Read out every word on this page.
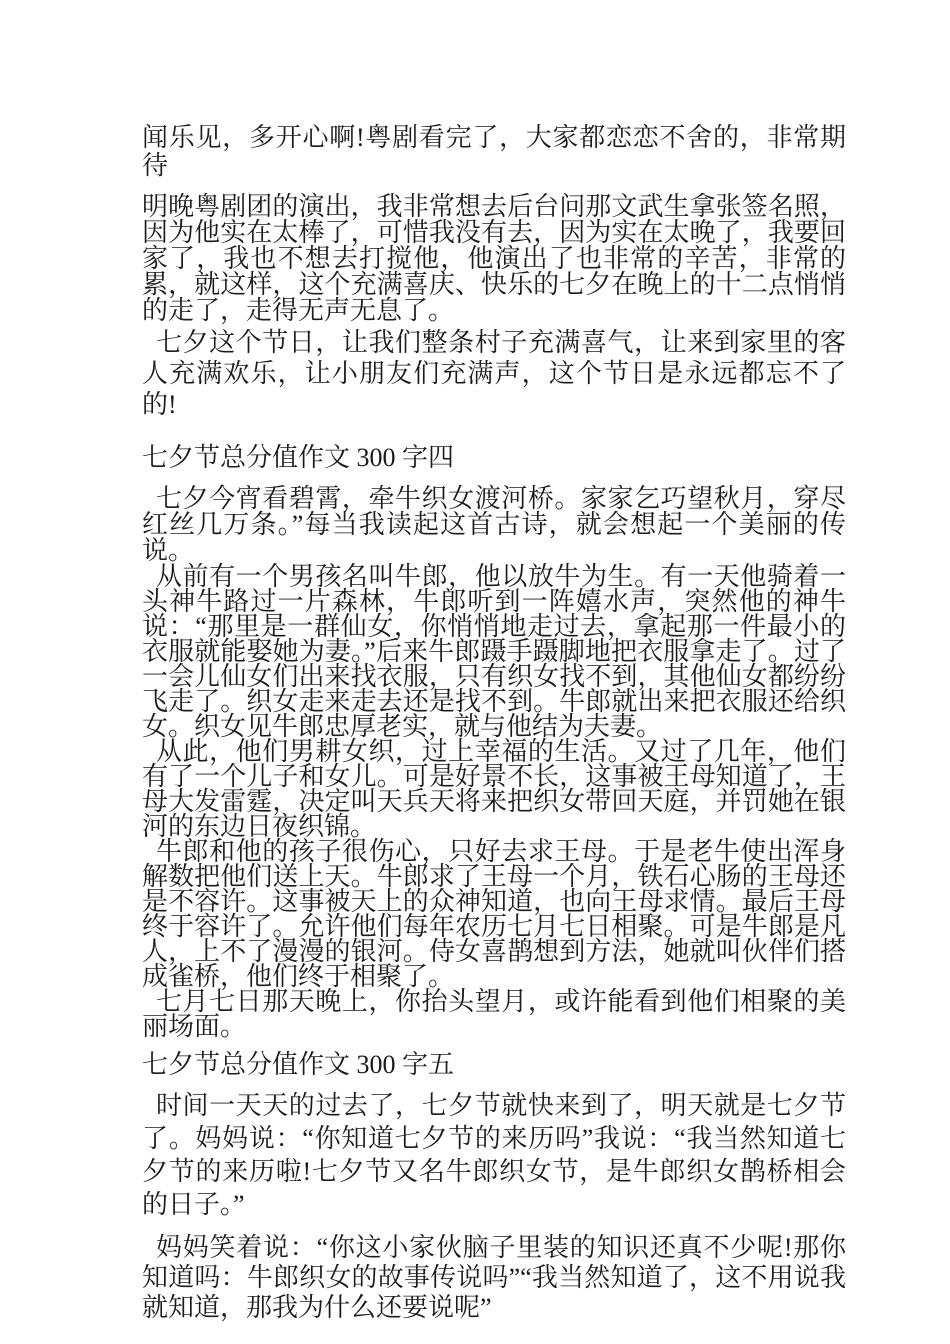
闻乐见，多开心啊!粤剧看完了，大家都恋恋不舍的，非常期待

明晚粤剧团的演出，我非常想去后台问那文武生拿张签名照，因为他实在太棒了，可惜我没有去，因为实在太晚了，我要回家了，我也不想去打搅他，他演出了也非常的辛苦，非常的累，就这样，这个充满喜庆、快乐的七夕在晚上的十二点悄悄的走了，走得无声无息了。

七夕这个节日，让我们整条村子充满喜气，让来到家里的客人充满欢乐，让小朋友们充满声，这个节日是永远都忘不了的!

七夕节总分值作文 300 字四

七夕今宵看碧霄，牵牛织女渡河桥。家家乞巧望秋月，穿尽红丝几万条。”每当我读起这首古诗，就会想起一个美丽的传说。

从前有一个男孩名叫牛郎，他以放牛为生。有一天他骑着一头神牛路过一片森林，牛郎听到一阵嬉水声，突然他的神牛说：“那里是一群仙女，你悄悄地走过去，拿起那一件最小的衣服就能娶她为妻。”后来牛郎蹑手蹑脚地把衣服拿走了。过了一会儿仙女们出来找衣服，只有织女找不到，其他仙女都纷纷飞走了。织女走来走去还是找不到。牛郎就出来把衣服还给织女。织女见牛郎忠厚老实，就与他结为夫妻。

从此，他们男耕女织，过上幸福的生活。又过了几年，他们有了一个儿子和女儿。可是好景不长，这事被王母知道了，王母大发雷霆，决定叫天兵天将来把织女带回天庭，并罚她在银河的东边日夜织锦。

牛郎和他的孩子很伤心，只好去求王母。于是老牛使出浑身解数把他们送上天。牛郎求了王母一个月，铁石心肠的王母还是不容许。这事被天上的众神知道，也向王母求情。最后王母终于容许了。允许他们每年农历七月七日相聚。可是牛郎是凡人，上不了漫漫的银河。侍女喜鹊想到方法，她就叫伙伴们搭成雀桥，他们终于相聚了。

七月七日那天晚上，你抬头望月，或许能看到他们相聚的美丽场面。

七夕节总分值作文 300 字五

时间一天天的过去了，七夕节就快来到了，明天就是七夕节了。妈妈说：“你知道七夕节的来历吗”我说：“我当然知道七夕节的来历啦!七夕节又名牛郎织女节，是牛郎织女鹊桥相会的日子。”

妈妈笑着说：“你这小家伙脑子里装的知识还真不少呢!那你知道吗：牛郎织女的故事传说吗”“我当然知道了，这不用说我就知道，那我为什么还要说呢”
